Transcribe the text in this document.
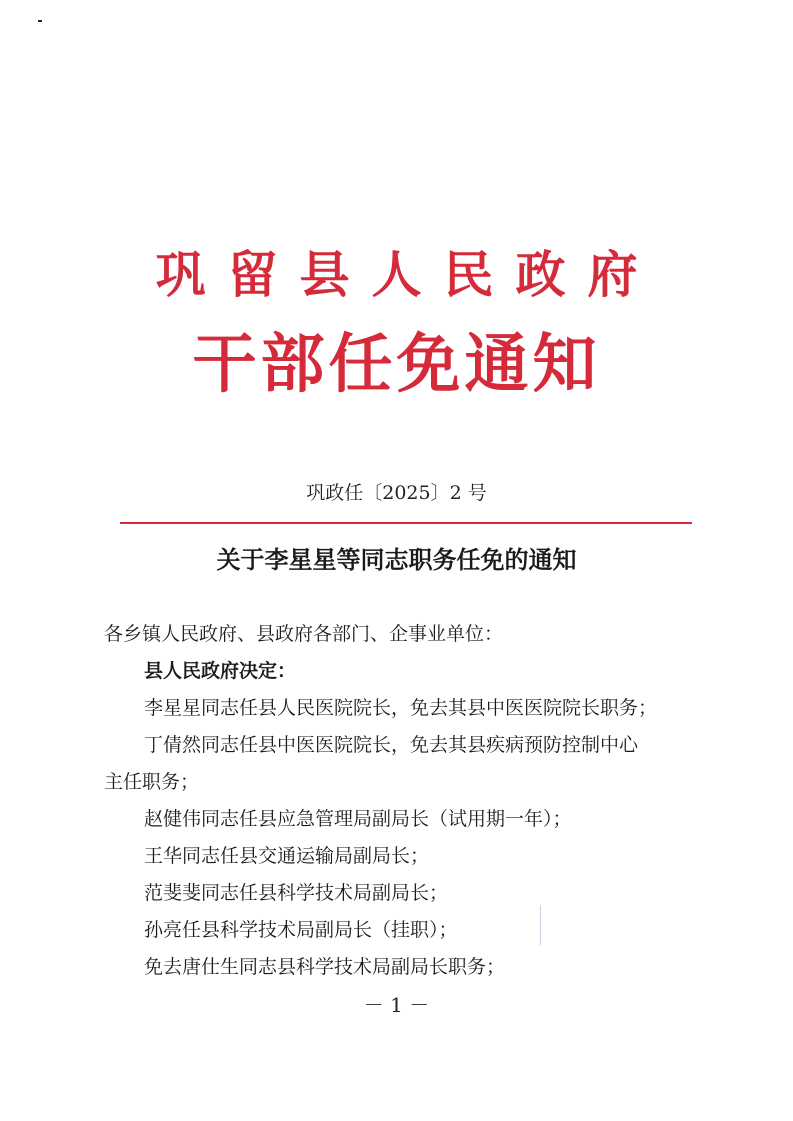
巩留县人民政府
干部任免通知
巩政任〔2025〕2 号
关于李星星等同志职务任免的通知
各乡镇人民政府、县政府各部门、企事业单位：
县人民政府决定：
李星星同志任县人民医院院长，免去其县中医医院院长职务；
丁倩然同志任县中医医院院长，免去其县疾病预防控制中心
主任职务；
赵健伟同志任县应急管理局副局长（试用期一年）；
王华同志任县交通运输局副局长；
范斐斐同志任县科学技术局副局长；
孙亮任县科学技术局副局长（挂职）；
免去唐仕生同志县科学技术局副局长职务；
－ 1 －
